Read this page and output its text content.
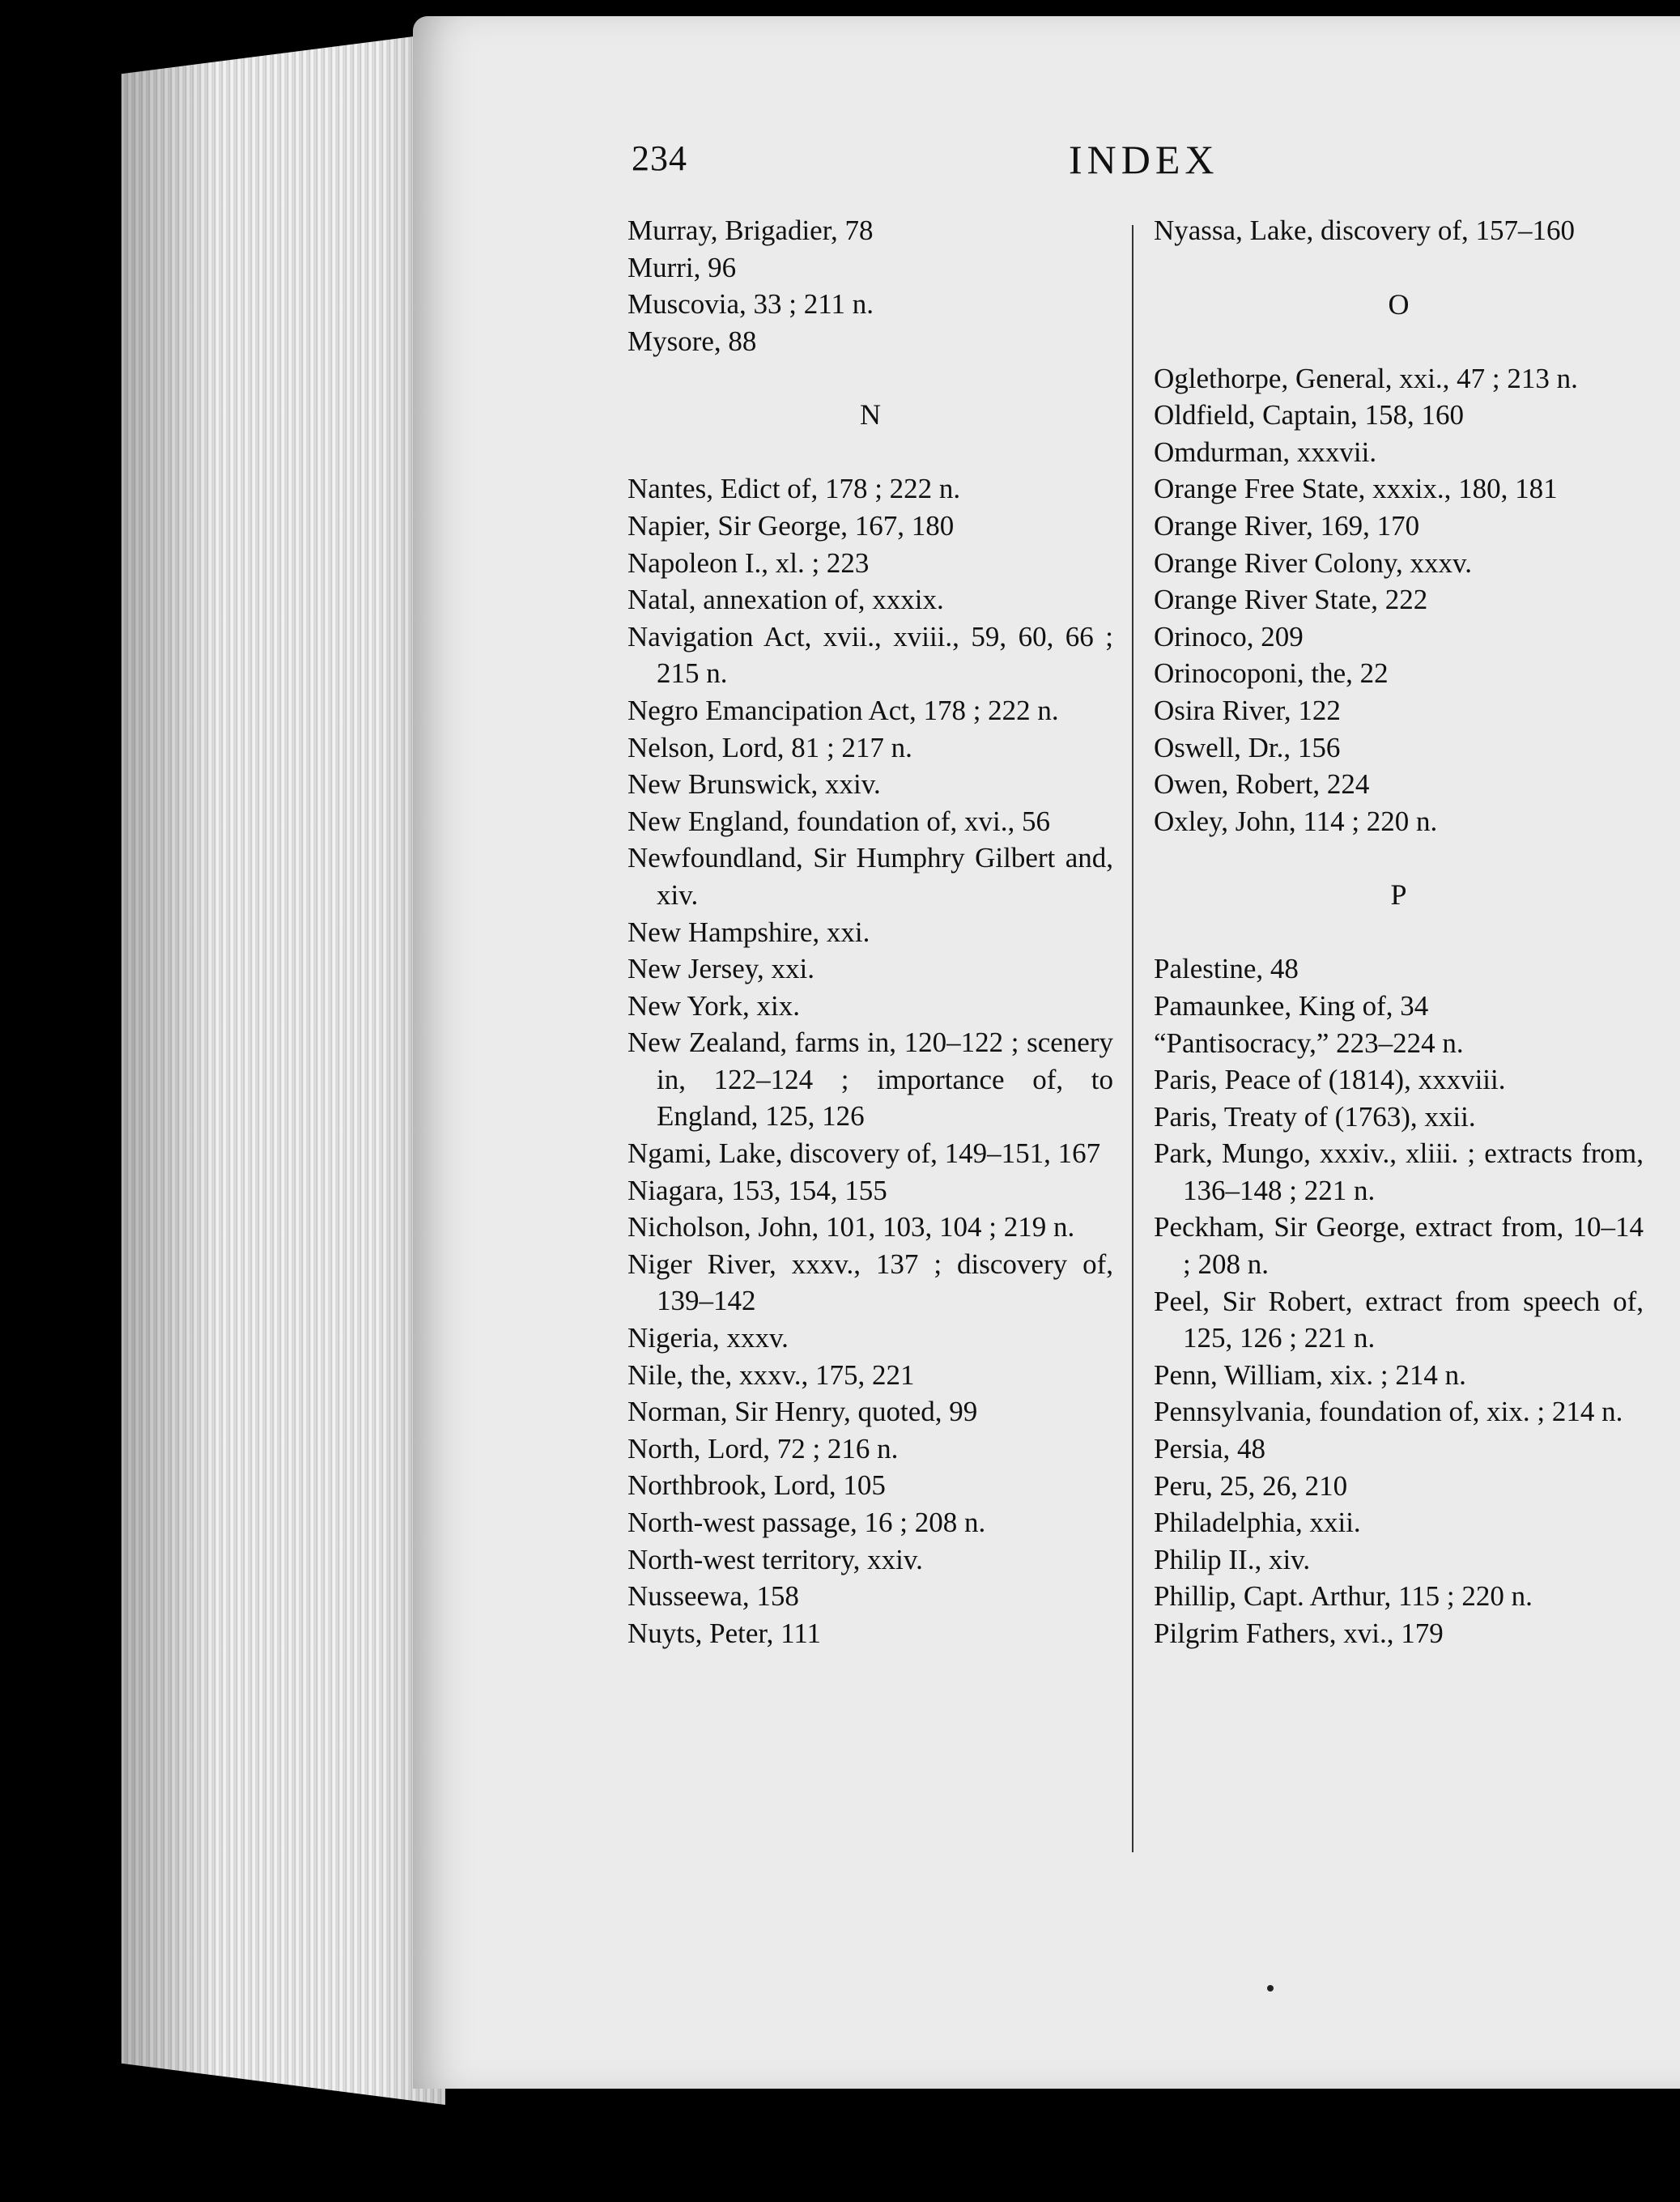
234	INDEX

Murray, Brigadier, 78

Murri, 96

Muscovia, 33 ; 211 n.

Mysore, 88

N

Nantes, Edict of, 178 ; 222 n.

Napier, Sir George, 167, 180

Napoleon I., xl. ; 223

Natal, annexation of, xxxix.

Navigation Act, xvii., xviii., 59, 60, 66 ; 215 n.

Negro Emancipation Act, 178 ; 222 n.

Nelson, Lord, 81 ; 217 n.

New Brunswick, xxiv.

New England, foundation of, xvi., 56

Newfoundland, Sir Humphry Gilbert and, xiv.

New Hampshire, xxi.

New Jersey, xxi.

New York, xix.

New Zealand, farms in, 120–122 ; scenery in, 122–124 ; importance of, to England, 125, 126

Ngami, Lake, discovery of, 149–151, 167

Niagara, 153, 154, 155

Nicholson, John, 101, 103, 104 ; 219 n.

Niger River, xxxv., 137 ; discovery of, 139–142

Nigeria, xxxv.

Nile, the, xxxv., 175, 221

Norman, Sir Henry, quoted, 99

North, Lord, 72 ; 216 n.

Northbrook, Lord, 105

North-west passage, 16 ; 208 n.

North-west territory, xxiv.

Nusseewa, 158

Nuyts, Peter, 111

Nyassa, Lake, discovery of, 157–160

O

Oglethorpe, General, xxi., 47 ; 213 n.

Oldfield, Captain, 158, 160

Omdurman, xxxvii.

Orange Free State, xxxix., 180, 181

Orange River, 169, 170

Orange River Colony, xxxv.

Orange River State, 222

Orinoco, 209

Orinocoponi, the, 22

Osira River, 122

Oswell, Dr., 156

Owen, Robert, 224

Oxley, John, 114 ; 220 n.

P

Palestine, 48

Pamaunkee, King of, 34

“Pantisocracy,” 223–224 n.

Paris, Peace of (1814), xxxviii.

Paris, Treaty of (1763), xxii.

Park, Mungo, xxxiv., xliii. ; extracts from, 136–148 ; 221 n.

Peckham, Sir George, extract from, 10–14 ; 208 n.

Peel, Sir Robert, extract from speech of, 125, 126 ; 221 n.

Penn, William, xix. ; 214 n.

Pennsylvania, foundation of, xix. ; 214 n.

Persia, 48

Peru, 25, 26, 210

Philadelphia, xxii.

Philip II., xiv.

Phillip, Capt. Arthur, 115 ; 220 n.

Pilgrim Fathers, xvi., 179
